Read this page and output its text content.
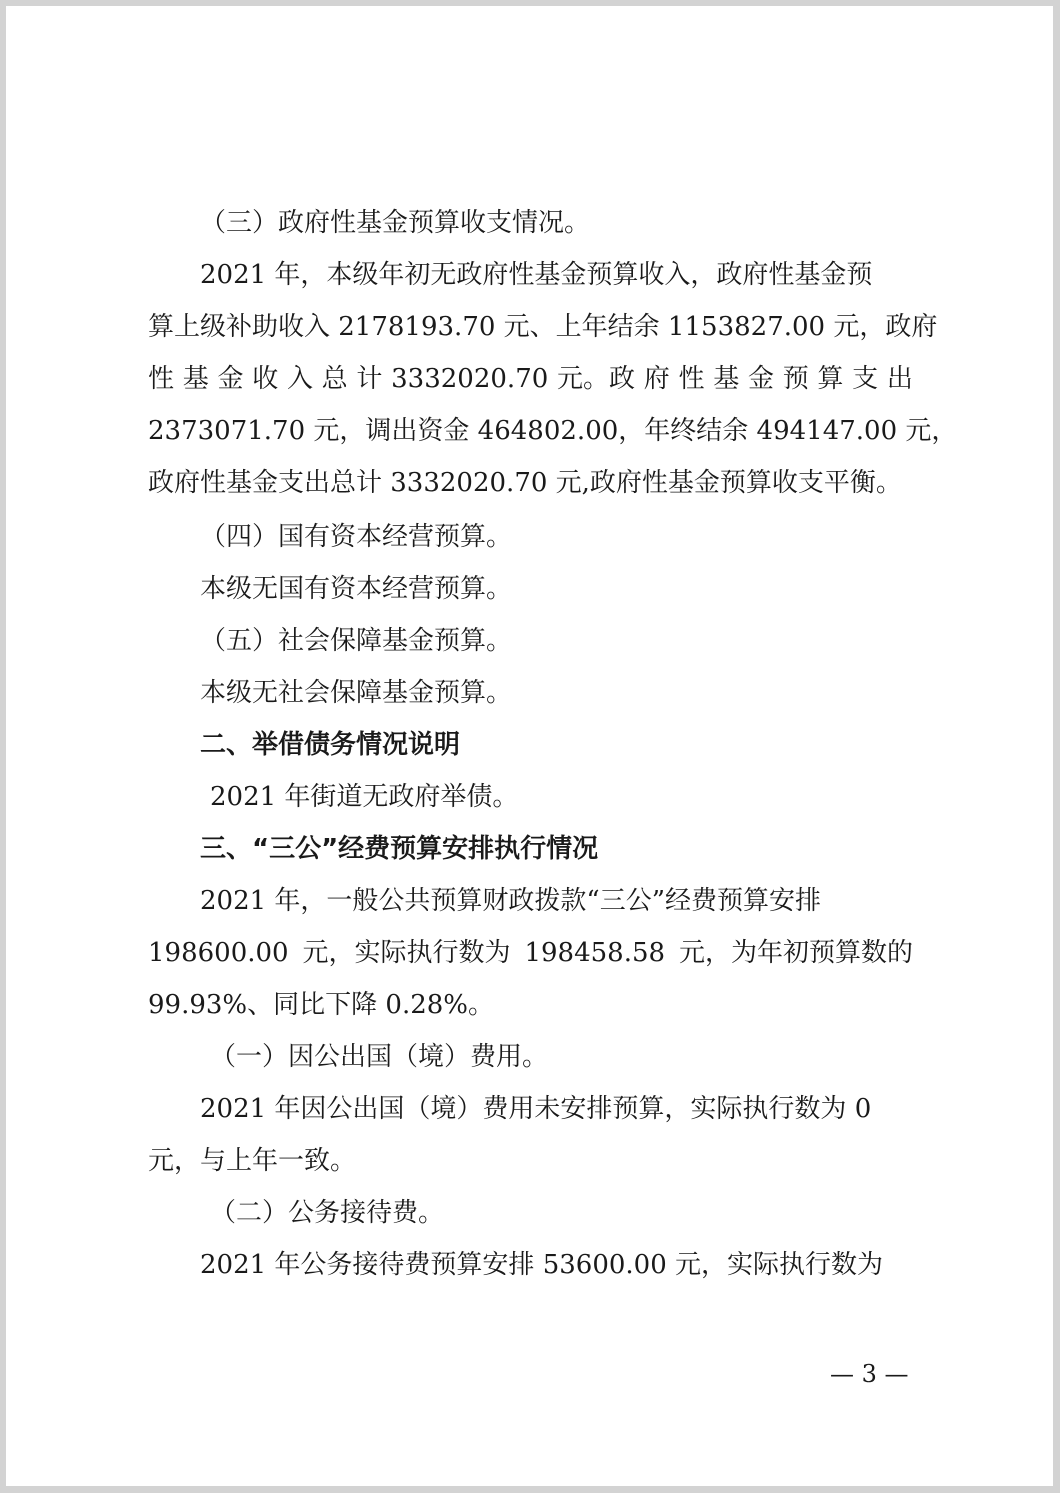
（三）政府性基金预算收支情况。

2021 年，本级年初无政府性基金预算收入，政府性基金预

算上级补助收入 2178193.70 元、上年结余 1153827.00 元，政府

性 基 金 收 入 总 计 3332020.70 元。政 府 性 基 金 预 算 支 出

2373071.70 元，调出资金 464802.00，年终结余 494147.00 元，

政府性基金支出总计 3332020.70 元,政府性基金预算收支平衡。

（四）国有资本经营预算。

本级无国有资本经营预算。

（五）社会保障基金预算。

本级无社会保障基金预算。

二、举借债务情况说明

2021 年街道无政府举债。

三、“三公”经费预算安排执行情况

2021 年，一般公共预算财政拨款“三公”经费预算安排

198600.00 元，实际执行数为 198458.58 元，为年初预算数的

99.93%、同比下降 0.28%。

（一）因公出国（境）费用。

2021 年因公出国（境）费用未安排预算，实际执行数为 0

元，与上年一致。

（二）公务接待费。

2021 年公务接待费预算安排 53600.00 元，实际执行数为

— 3 —
